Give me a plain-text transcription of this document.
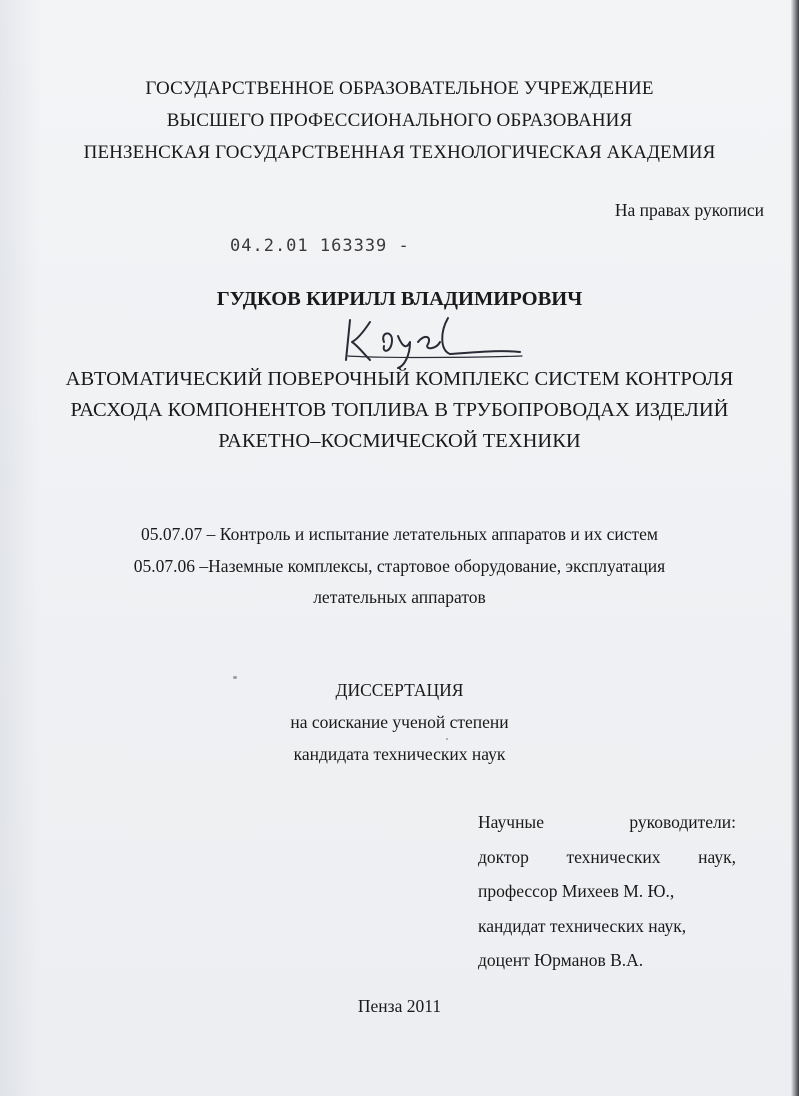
ГОСУДАРСТВЕННОЕ ОБРАЗОВАТЕЛЬНОЕ УЧРЕЖДЕНИЕ
ВЫСШЕГО ПРОФЕССИОНАЛЬНОГО ОБРАЗОВАНИЯ
ПЕНЗЕНСКАЯ ГОСУДАРСТВЕННАЯ ТЕХНОЛОГИЧЕСКАЯ АКАДЕМИЯ
На правах рукописи
04.2.01 163339 -
ГУДКОВ КИРИЛЛ ВЛАДИМИРОВИЧ
АВТОМАТИЧЕСКИЙ ПОВЕРОЧНЫЙ КОМПЛЕКС СИСТЕМ КОНТРОЛЯ
РАСХОДА КОМПОНЕНТОВ ТОПЛИВА В ТРУБОПРОВОДАХ ИЗДЕЛИЙ
РАКЕТНО–КОСМИЧЕСКОЙ ТЕХНИКИ
05.07.07 – Контроль и испытание летательных аппаратов и их систем
05.07.06 –Наземные комплексы, стартовое оборудование, эксплуатация
летательных аппаратов
ДИССЕРТАЦИЯ
на соискание ученой степени
кандидата технических наук
Научные	руководители:
доктор технических наук,
профессор Михеев М. Ю.,
кандидат технических наук,
доцент Юрманов В.А.
Пенза 2011
